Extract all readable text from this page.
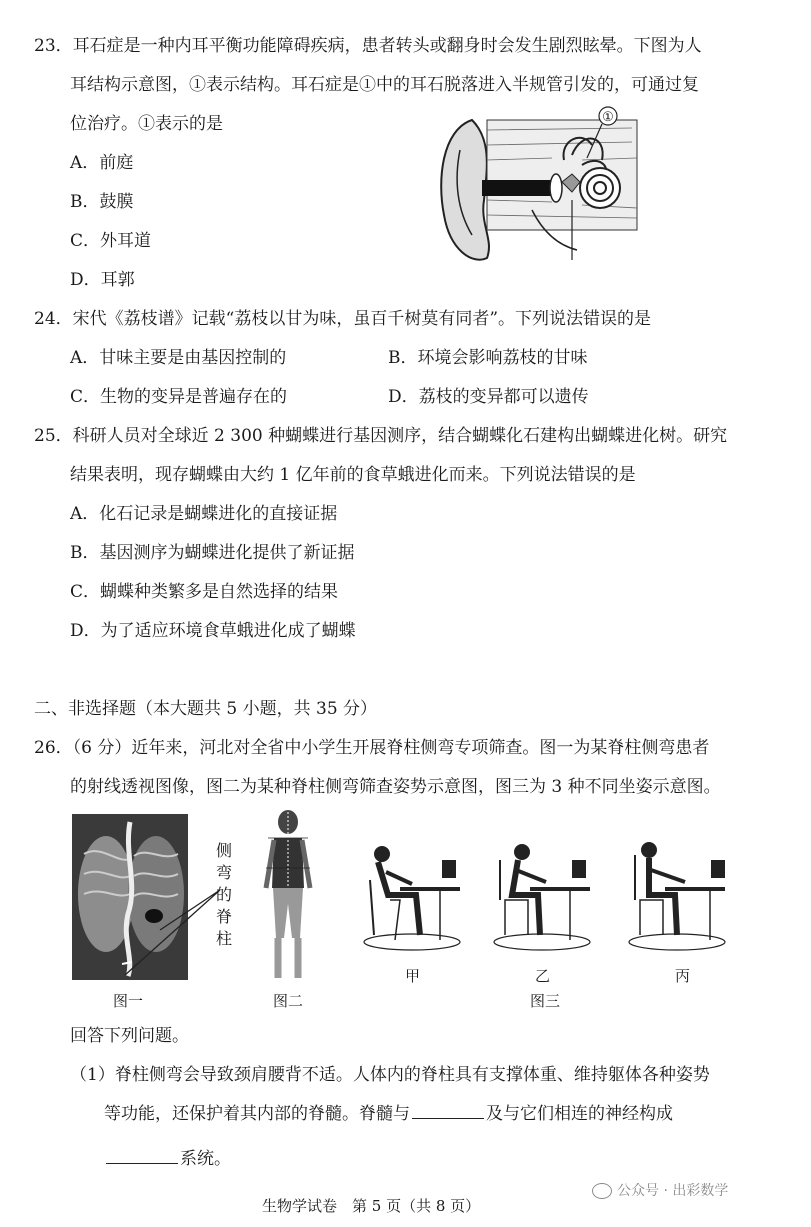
23．耳石症是一种内耳平衡功能障碍疾病，患者转头或翻身时会发生剧烈眩晕。下图为人
耳结构示意图，①表示结构。耳石症是①中的耳石脱落进入半规管引发的，可通过复
位治疗。①表示的是
A．前庭
B．鼓膜
C．外耳道
D．耳郭
①
24．宋代《荔枝谱》记载“荔枝以甘为味，虽百千树莫有同者”。下列说法错误的是
A．甘味主要是由基因控制的	B．环境会影响荔枝的甘味
C．生物的变异是普遍存在的	D．荔枝的变异都可以遗传
25．科研人员对全球近 2 300 种蝴蝶进行基因测序，结合蝴蝶化石建构出蝴蝶进化树。研究
结果表明，现存蝴蝶由大约 1 亿年前的食草蛾进化而来。下列说法错误的是
A．化石记录是蝴蝶进化的直接证据
B．基因测序为蝴蝶进化提供了新证据
C．蝴蝶种类繁多是自然选择的结果
D．为了适应环境食草蛾进化成了蝴蝶
二、非选择题（本大题共 5 小题，共 35 分）
26．（6 分）近年来，河北对全省中小学生开展脊柱侧弯专项筛查。图一为某脊柱侧弯患者
的射线透视图像，图二为某种脊柱侧弯筛查姿势示意图，图三为 3 种不同坐姿示意图。
侧
弯
的
脊
柱
图一	图二
甲	乙	丙
图三
回答下列问题。
（1）脊柱侧弯会导致颈肩腰背不适。人体内的脊柱具有支撑体重、维持躯体各种姿势
等功能，还保护着其内部的脊髓。脊髓与	及与它们相连的神经构成
系统。
生物学试卷　第 5 页（共 8 页）
公众号 · 出彩数学
